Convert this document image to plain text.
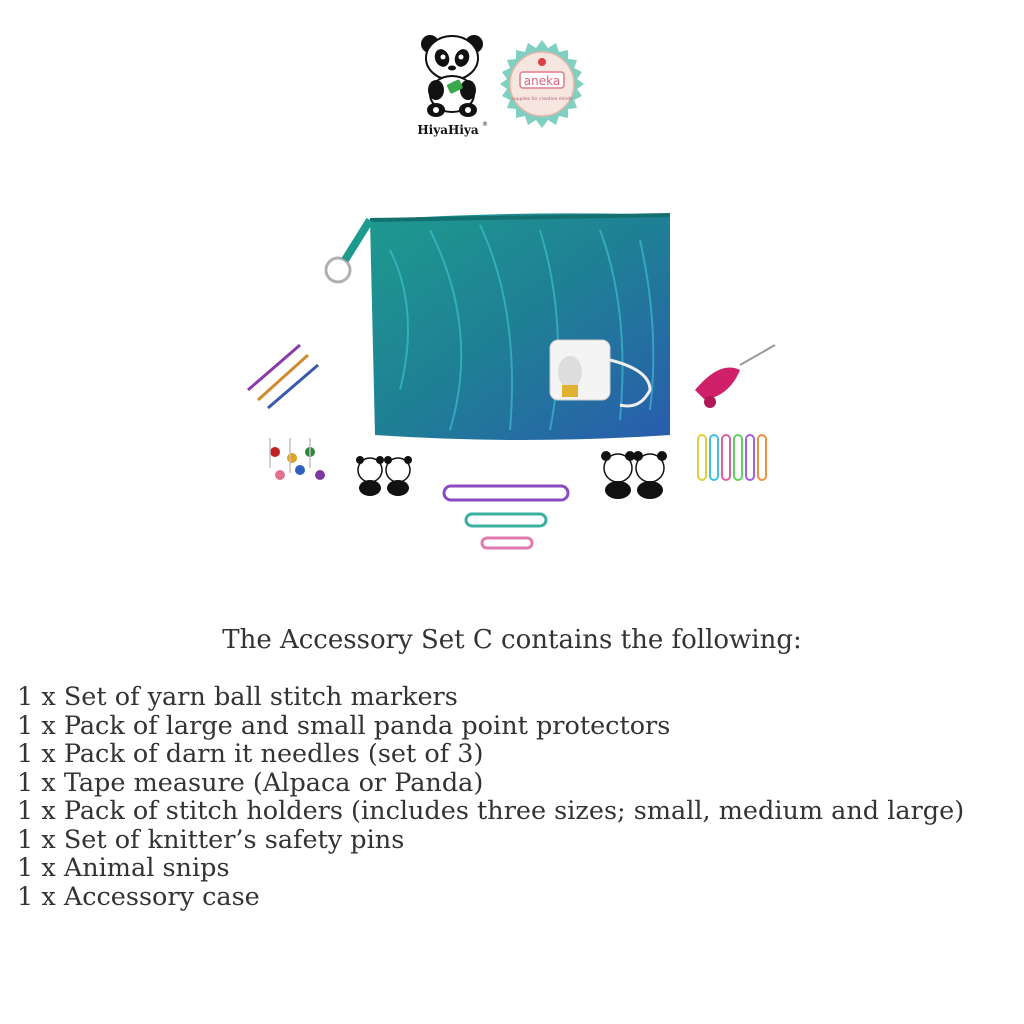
HiyaHiya ®
aneka
supplies for creative minds
The Accessory Set C contains the following:
1 x Set of yarn ball stitch markers
1 x Pack of large and small panda point protectors
1 x Pack of darn it needles (set of 3)
1 x Tape measure (Alpaca or Panda)
1 x Pack of stitch holders (includes three sizes; small, medium and large)
1 x Set of knitter’s safety pins
1 x Animal snips
1 x Accessory case
